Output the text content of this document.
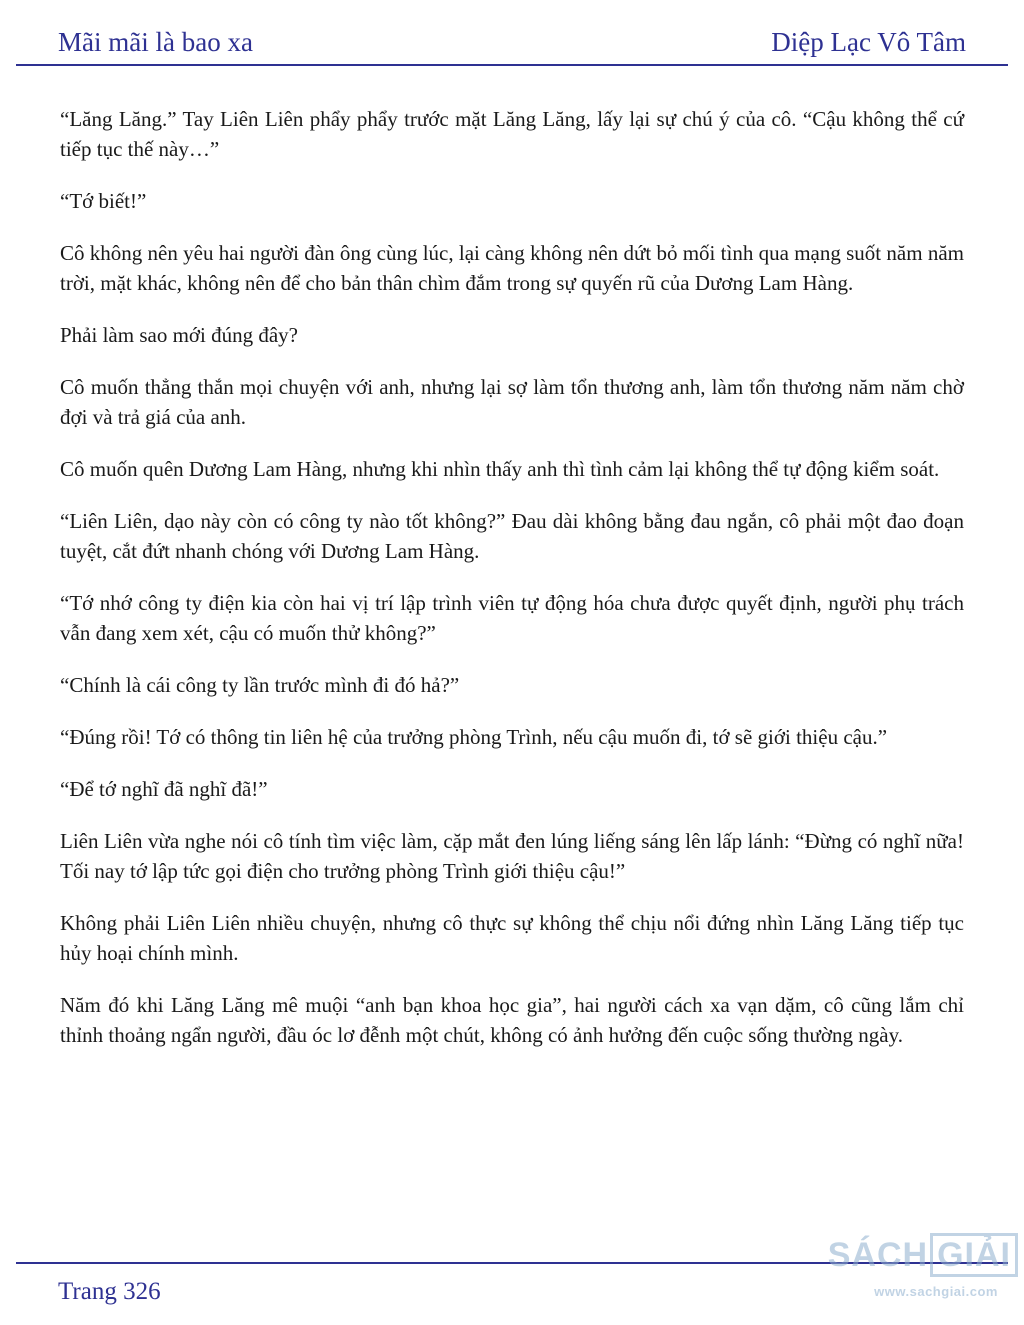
Mãi mãi là bao xa	Diệp Lạc Vô Tâm

“Lăng Lăng.” Tay Liên Liên phẩy phẩy trước mặt Lăng Lăng, lấy lại sự chú ý của cô. “Cậu không thể cứ tiếp tục thế này…”

“Tớ biết!”

Cô không nên yêu hai người đàn ông cùng lúc, lại càng không nên dứt bỏ mối tình qua mạng suốt năm năm trời, mặt khác, không nên để cho bản thân chìm đắm trong sự quyến rũ của Dương Lam Hàng.

Phải làm sao mới đúng đây?

Cô muốn thẳng thắn mọi chuyện với anh, nhưng lại sợ làm tổn thương anh, làm tổn thương năm năm chờ đợi và trả giá của anh.

Cô muốn quên Dương Lam Hàng, nhưng khi nhìn thấy anh thì tình cảm lại không thể tự động kiểm soát.

“Liên Liên, dạo này còn có công ty nào tốt không?” Đau dài không bằng đau ngắn, cô phải một đao đoạn tuyệt, cắt đứt nhanh chóng với Dương Lam Hàng.

“Tớ nhớ công ty điện kia còn hai vị trí lập trình viên tự động hóa chưa được quyết định, người phụ trách vẫn đang xem xét, cậu có muốn thử không?”

“Chính là cái công ty lần trước mình đi đó hả?”

“Đúng rồi! Tớ có thông tin liên hệ của trưởng phòng Trình, nếu cậu muốn đi, tớ sẽ giới thiệu cậu.”

“Để tớ nghĩ đã nghĩ đã!”

Liên Liên vừa nghe nói cô tính tìm việc làm, cặp mắt đen lúng liếng sáng lên lấp lánh: “Đừng có nghĩ nữa! Tối nay tớ lập tức gọi điện cho trưởng phòng Trình giới thiệu cậu!”

Không phải Liên Liên nhiều chuyện, nhưng cô thực sự không thể chịu nổi đứng nhìn Lăng Lăng tiếp tục hủy hoại chính mình.

Năm đó khi Lăng Lăng mê muội “anh bạn khoa học gia”, hai người cách xa vạn dặm, cô cũng lắm chỉ thỉnh thoảng ngẩn người, đầu óc lơ đễnh một chút, không có ảnh hưởng đến cuộc sống thường ngày.

Trang 326
SÁCH GIẢI
www.sachgiai.com
